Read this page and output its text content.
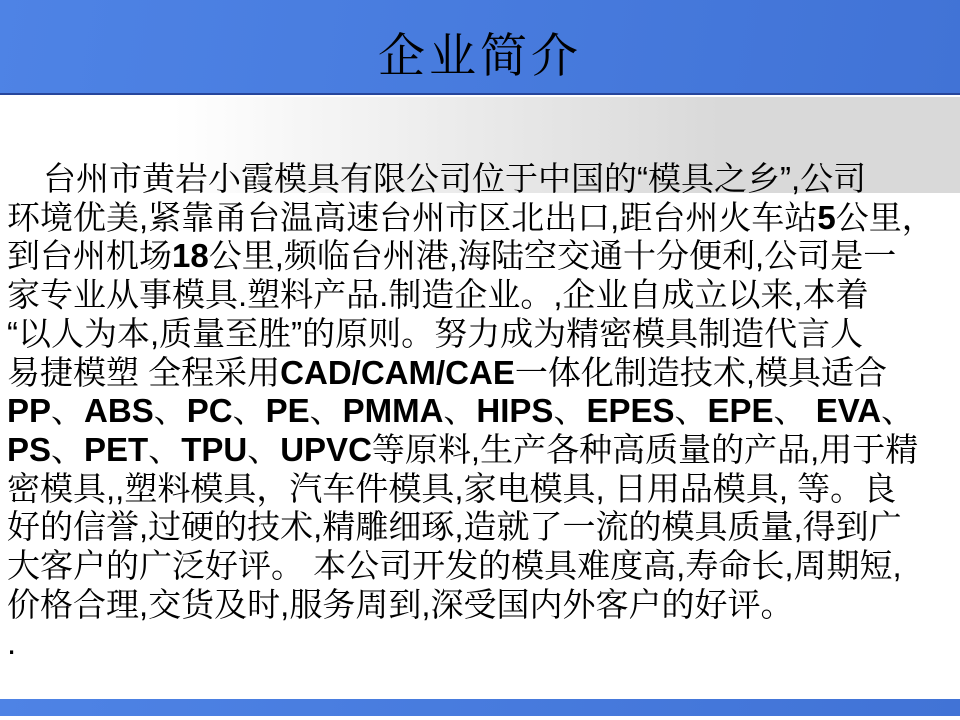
企业简介
台州市黄岩小霞模具有限公司位于中国的“模具之乡”,公司
环境优美,紧靠甬台温高速台州市区北出口,距台州火车站5公里，
到台州机场18公里,频临台州港,海陆空交通十分便利,公司是一
家专业从事模具.塑料产品.制造企业。,企业自成立以来,本着
“以人为本,质量至胜”的原则。努力成为精密模具制造代言人
易捷模塑 全程采用CAD/CAM/CAE一体化制造技术,模具适合
PP、ABS、PC、PE、PMMA、HIPS、EPES、EPE、 EVA、
PS、PET、TPU、UPVC等原料,生产各种高质量的产品,用于精
密模具,,塑料模具，汽车件模具,家电模具, 日用品模具, 等。良
好的信誉,过硬的技术,精雕细琢,造就了一流的模具质量,得到广
大客户的广泛好评。 本公司开发的模具难度高,寿命长,周期短,
价格合理,交货及时,服务周到,深受国内外客户的好评。
.
